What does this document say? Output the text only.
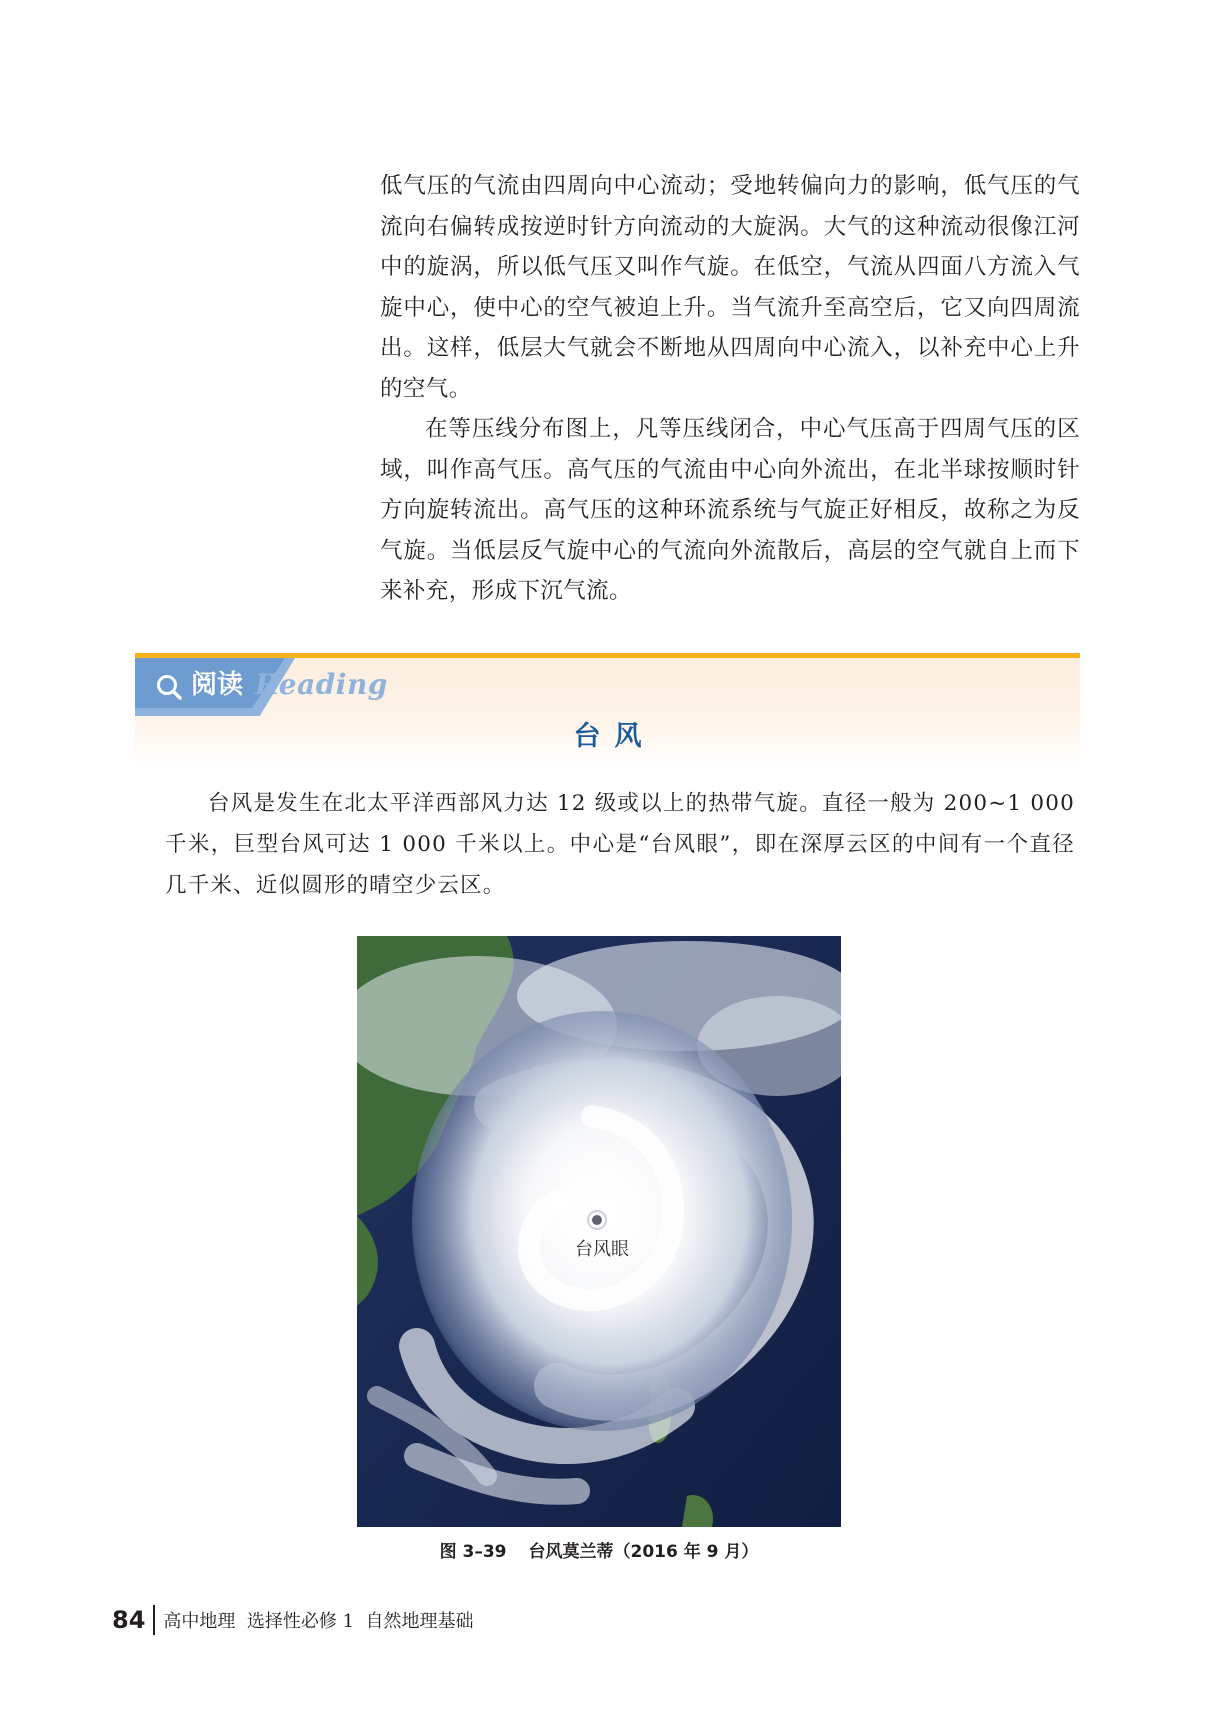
低气压的气流由四周向中心流动；受地转偏向力的影响，低气压的气流向右偏转成按逆时针方向流动的大旋涡。大气的这种流动很像江河中的旋涡，所以低气压又叫作气旋。在低空，气流从四面八方流入气旋中心，使中心的空气被迫上升。当气流升至高空后，它又向四周流出。这样，低层大气就会不断地从四周向中心流入，以补充中心上升的空气。

在等压线分布图上，凡等压线闭合，中心气压高于四周气压的区域，叫作高气压。高气压的气流由中心向外流出，在北半球按顺时针方向旋转流出。高气压的这种环流系统与气旋正好相反，故称之为反气旋。当低层反气旋中心的气流向外流散后，高层的空气就自上而下来补充，形成下沉气流。

阅读 Reading
台风

台风是发生在北太平洋西部风力达 12 级或以上的热带气旋。直径一般为 200~1 000 千米，巨型台风可达 1 000 千米以上。中心是“台风眼”，即在深厚云区的中间有一个直径几千米、近似圆形的晴空少云区。

台风眼
图 3–39 台风莫兰蒂（2016 年 9 月）
84 高中地理  选择性必修 1  自然地理基础
